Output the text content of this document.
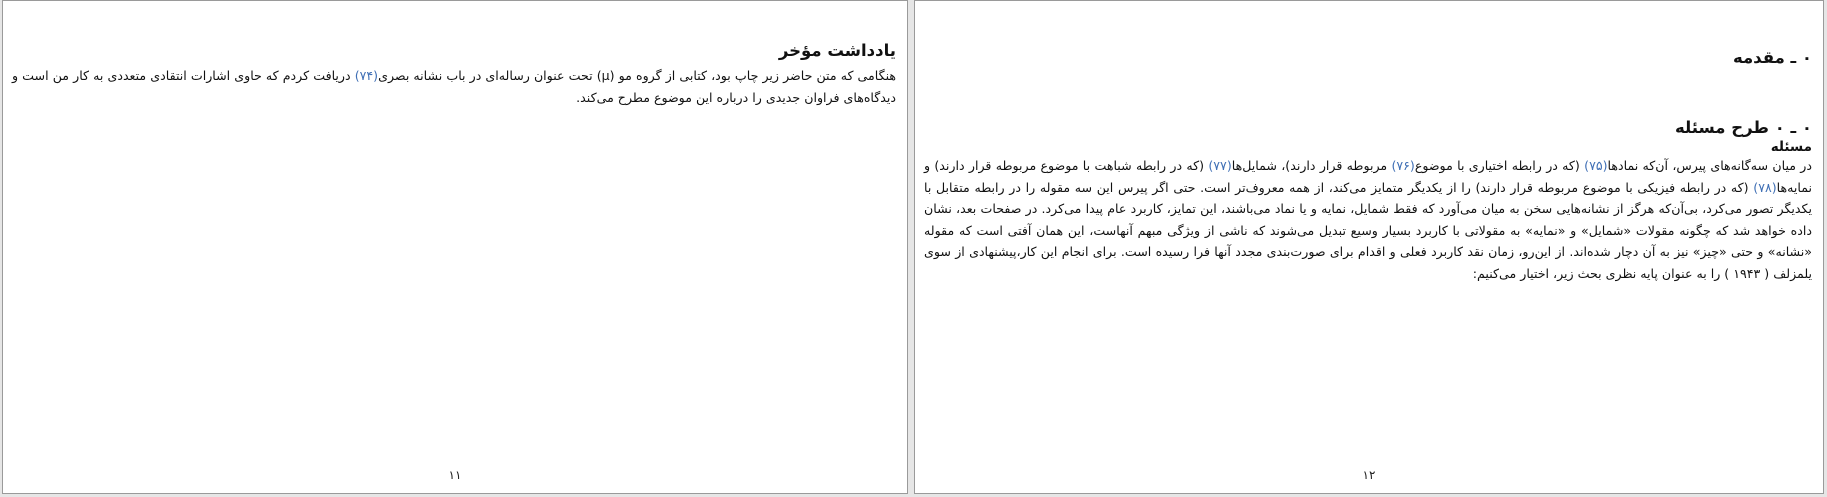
یادداشت مؤخر

هنگامی که متن حاضر زیر چاپ بود، کتابی از گروه مو (µ) تحت عنوان رساله‌ای در باب نشانه بصری(۷۴) دریافت کردم که حاوی اشارات انتقادی متعددی به کار من است و دیدگاه‌های فراوان جدیدی را درباره این موضوع مطرح می‌کند.

۱۱
۰ ـ مقدمه
۰ ـ ۰ طرح مسئله
مسئله

در میان سه‌گانه‌های پیرس، آن‌که نمادها(۷۵) (که در رابطه اختیاری با موضوع(۷۶) مربوطه قرار دارند)، شمایل‌ها(۷۷) (که در رابطه شباهت با موضوع مربوطه قرار دارند) و نمایه‌ها(۷۸) (که در رابطه فیزیکی با موضوع مربوطه قرار دارند) را از یکدیگر متمایز می‌کند، از همه معروف‌تر است. حتی اگر پیرس این سه مقوله را در رابطه متقابل با یکدیگر تصور می‌کرد، بی‌آن‌که هرگز از نشانه‌هایی سخن به میان می‌آورد که فقط شمایل، نمایه و یا نماد می‌باشند، این تمایز، کاربرد عام پیدا می‌کرد. در صفحات بعد، نشان داده خواهد شد که چگونه مقولات «شمایل» و «نمایه» به مقولاتی با کاربرد بسیار وسیع تبدیل می‌شوند که ناشی از ویژگی مبهم آنهاست، این همان آفتی است که مقوله «نشانه» و حتی «چیز» نیز به آن دچار شده‌اند. از این‌رو، زمان نقد کاربرد فعلی و اقدام برای صورت‌بندی مجدد آنها فرا رسیده است. برای انجام این کار،پیشنهادی از سوی یلمزلف ( ۱۹۴۳ ) را به عنوان پایه نظری بحث زیر، اختیار می‌کنیم:

۱۲
